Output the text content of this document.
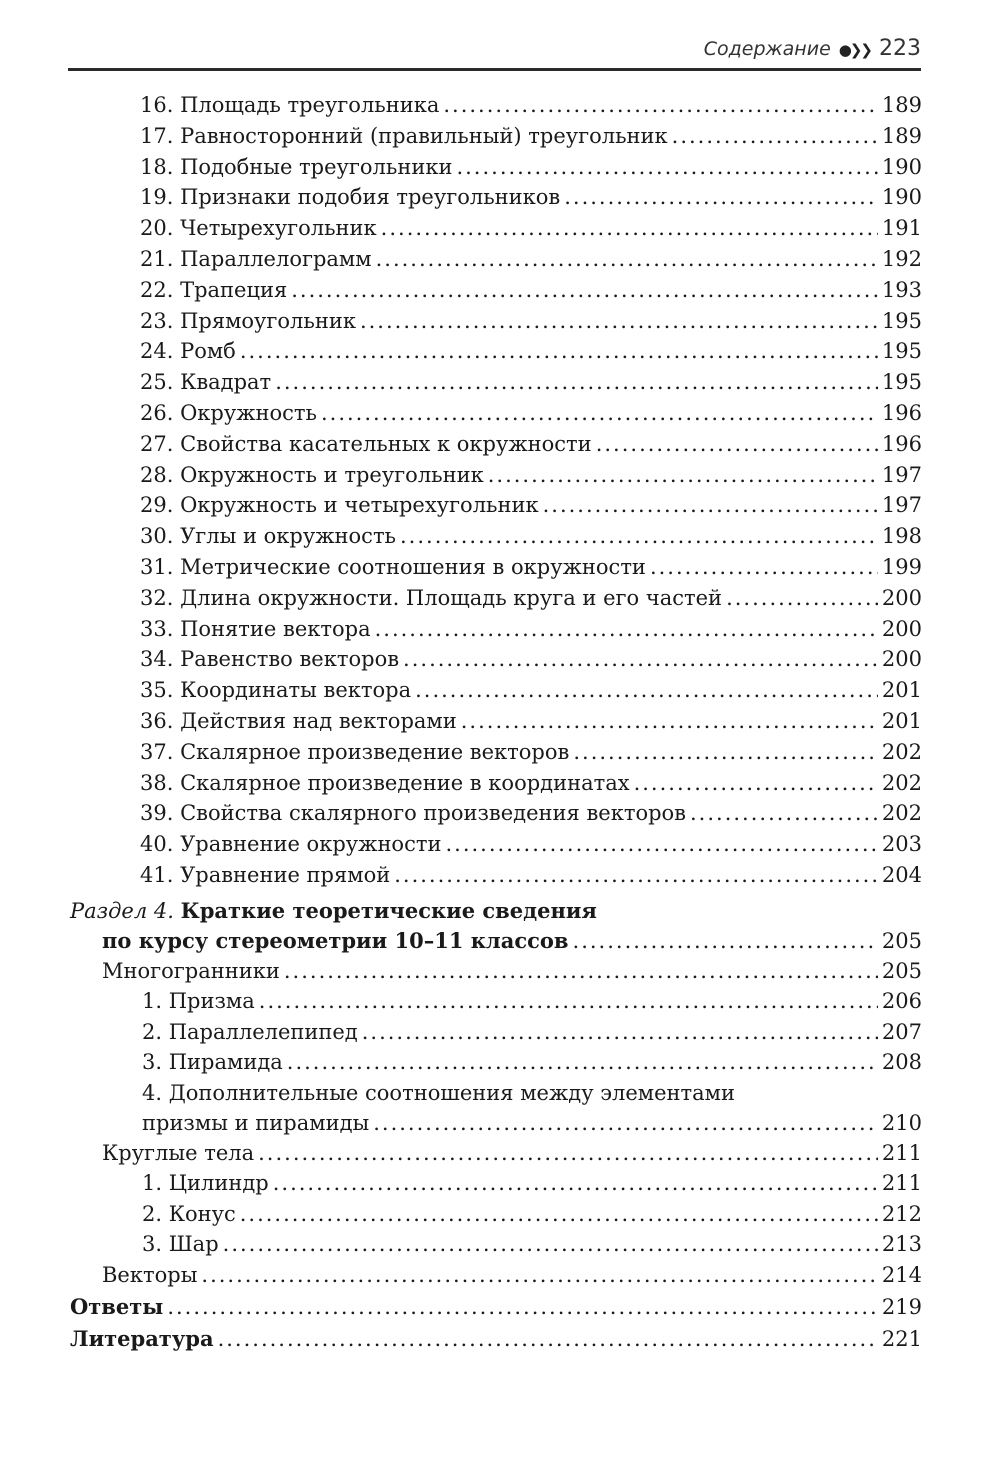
Содержание ●❯❯ 223
16. Площадь треугольника .....	189
17. Равносторонний (правильный) треугольник .....	189
18. Подобные треугольники .....	190
19. Признаки подобия треугольников .....	190
20. Четырехугольник .....	191
21. Параллелограмм .....	192
22. Трапеция .....	193
23. Прямоугольник .....	195
24. Ромб .....	195
25. Квадрат .....	195
26. Окружность .....	196
27. Свойства касательных к окружности .....	196
28. Окружность и треугольник .....	197
29. Окружность и четырехугольник .....	197
30. Углы и окружность .....	198
31. Метрические соотношения в окружности .....	199
32. Длина окружности. Площадь круга и его частей .....	200
33. Понятие вектора .....	200
34. Равенство векторов .....	200
35. Координаты вектора .....	201
36. Действия над векторами .....	201
37. Скалярное произведение векторов .....	202
38. Скалярное произведение в координатах .....	202
39. Свойства скалярного произведения векторов .....	202
40. Уравнение окружности .....	203
41. Уравнение прямой .....	204
Раздел 4. Краткие теоретические сведения
по курсу стереометрии 10–11 классов .....	205
Многогранники .....	205
1. Призма .....	206
2. Параллелепипед .....	207
3. Пирамида .....	208
4. Дополнительные соотношения между элементами
призмы и пирамиды .....	210
Круглые тела .....	211
1. Цилиндр .....	211
2. Конус .....	212
3. Шар .....	213
Векторы .....	214
Ответы .....	219
Литература .....	221
